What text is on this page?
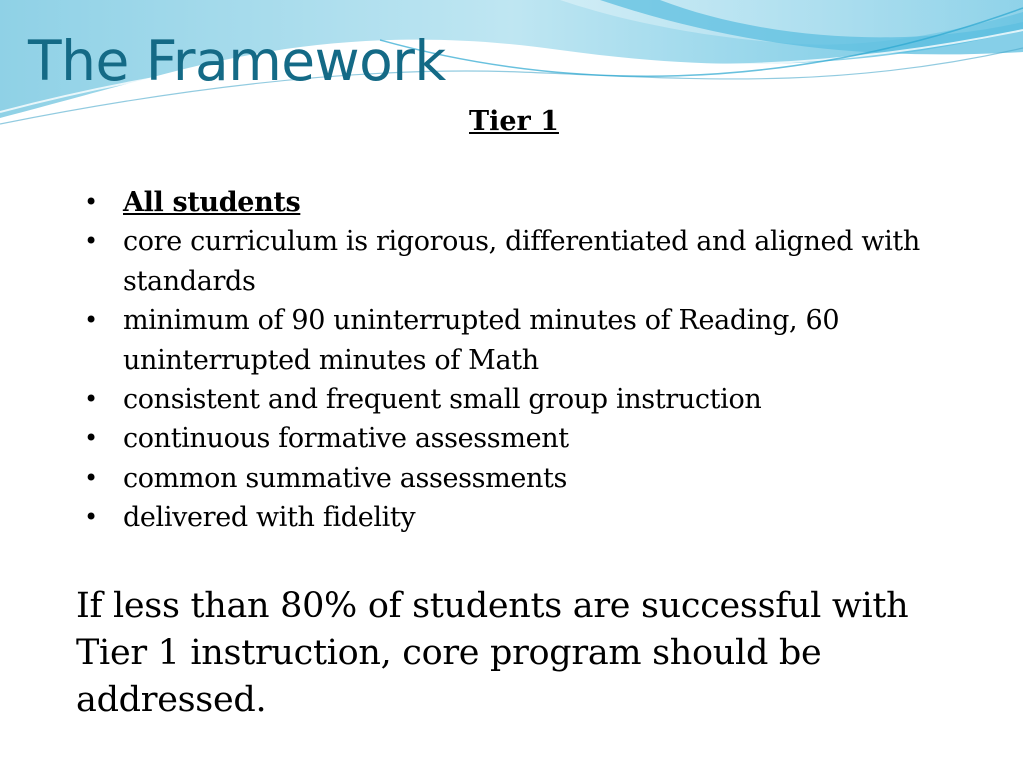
The Framework
Tier 1
• All students
• core curriculum is rigorous, differentiated and aligned with standards
• minimum of 90 uninterrupted minutes of Reading, 60 uninterrupted minutes of Math
• consistent and frequent small group instruction
• continuous formative assessment
• common summative assessments
• delivered with fidelity

If less than 80% of students are successful with Tier 1 instruction, core program should be addressed.
